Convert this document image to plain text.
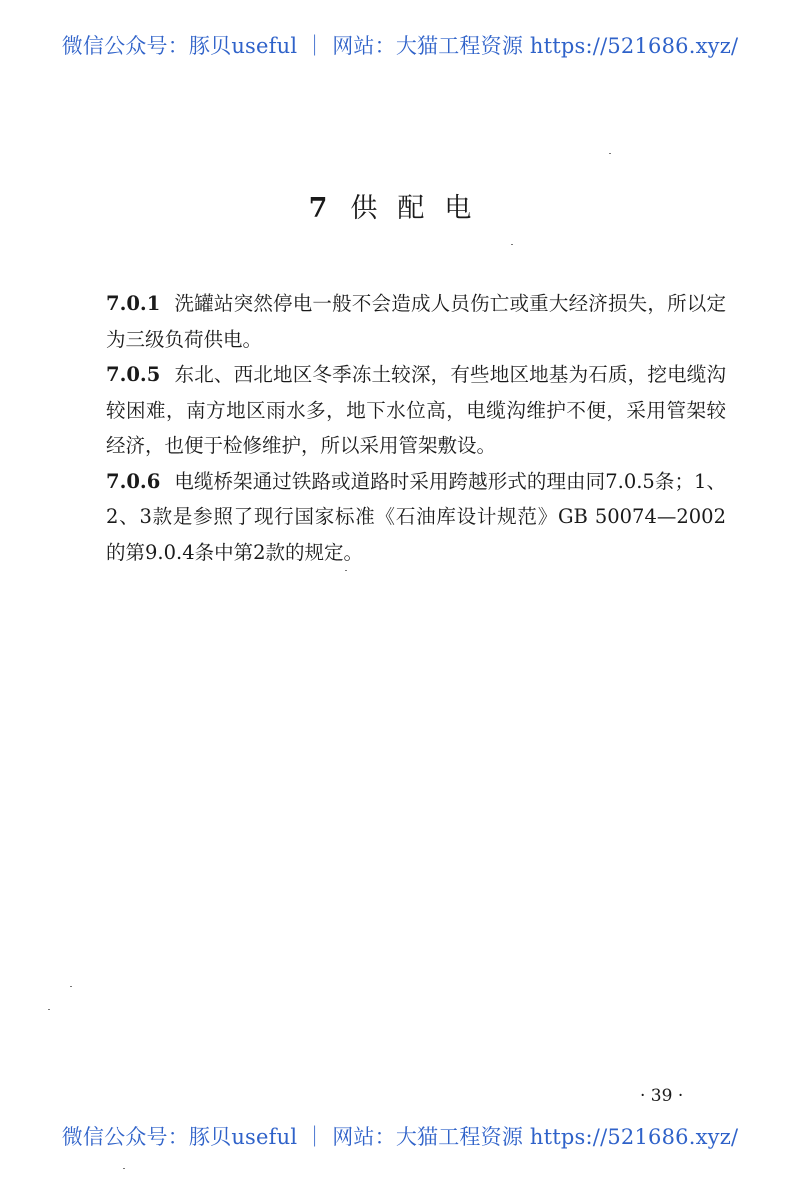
微信公众号：豚贝useful ｜ 网站：大猫工程资源 https://521686.xyz/
7 供配电

7.0.1 洗罐站突然停电一般不会造成人员伤亡或重大经济损失，所以定为三级负荷供电。

7.0.5 东北、西北地区冬季冻土较深，有些地区地基为石质，挖电缆沟较困难，南方地区雨水多，地下水位高，电缆沟维护不便，采用管架较经济，也便于检修维护，所以采用管架敷设。

7.0.6 电缆桥架通过铁路或道路时采用跨越形式的理由同7.0.5条；1、2、3款是参照了现行国家标准《石油库设计规范》GB 50074—2002的第9.0.4条中第2款的规定。

· 39 ·
微信公众号：豚贝useful ｜ 网站：大猫工程资源 https://521686.xyz/
